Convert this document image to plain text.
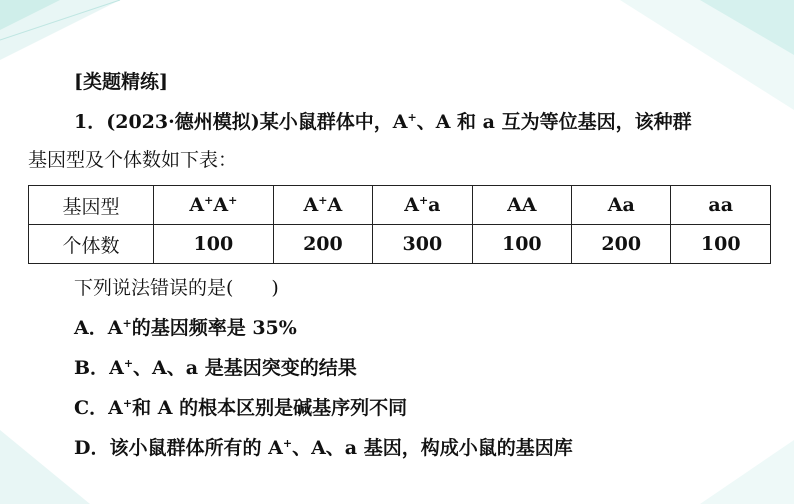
[类题精练]
1．(2023·德州模拟)某小鼠群体中，A+、A 和 a 互为等位基因，该种群
基因型及个体数如下表：
基因型	A+A+	A+A	A+a	AA	Aa	aa
个体数	100	200	300	100	200	100
下列说法错误的是(　　)
A．A+的基因频率是 35%
B．A+、A、a 是基因突变的结果
C．A+和 A 的根本区别是碱基序列不同
D．该小鼠群体所有的 A+、A、a 基因，构成小鼠的基因库
